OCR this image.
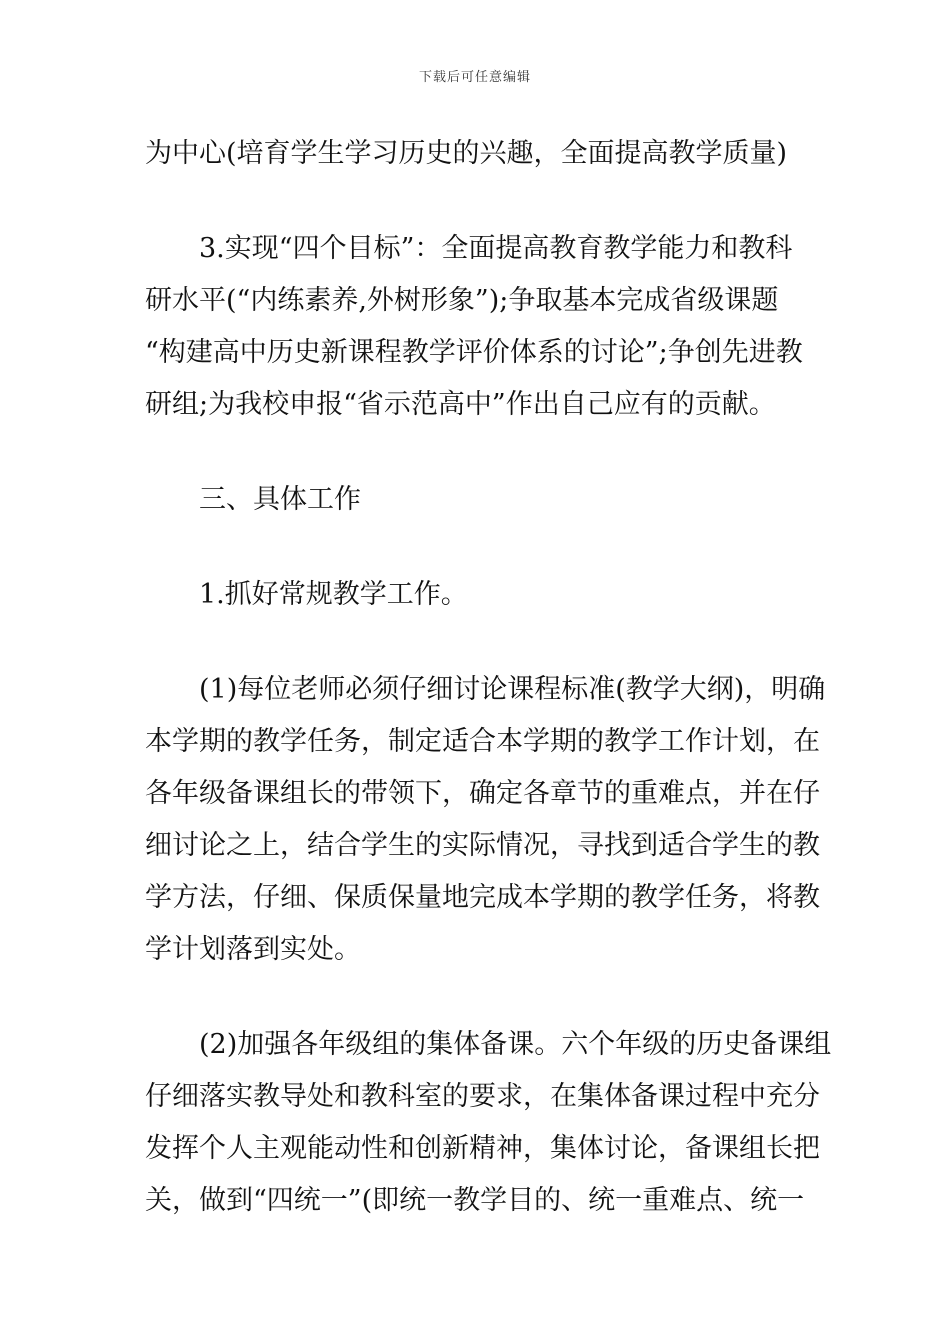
下载后可任意编辑
为中心(培育学生学习历史的兴趣，全面提高教学质量)
3.实现“四个目标”：全面提高教育教学能力和教科
研水平(“内练素养,外树形象”);争取基本完成省级课题
“构建高中历史新课程教学评价体系的讨论”;争创先进教
研组;为我校申报“省示范高中”作出自己应有的贡献。
三、具体工作
1.抓好常规教学工作。
(1)每位老师必须仔细讨论课程标准(教学大纲)，明确
本学期的教学任务，制定适合本学期的教学工作计划，在
各年级备课组长的带领下，确定各章节的重难点，并在仔
细讨论之上，结合学生的实际情况，寻找到适合学生的教
学方法，仔细、保质保量地完成本学期的教学任务，将教
学计划落到实处。
(2)加强各年级组的集体备课。六个年级的历史备课组
仔细落实教导处和教科室的要求，在集体备课过程中充分
发挥个人主观能动性和创新精神，集体讨论，备课组长把
关，做到“四统一”(即统一教学目的、统一重难点、统一
